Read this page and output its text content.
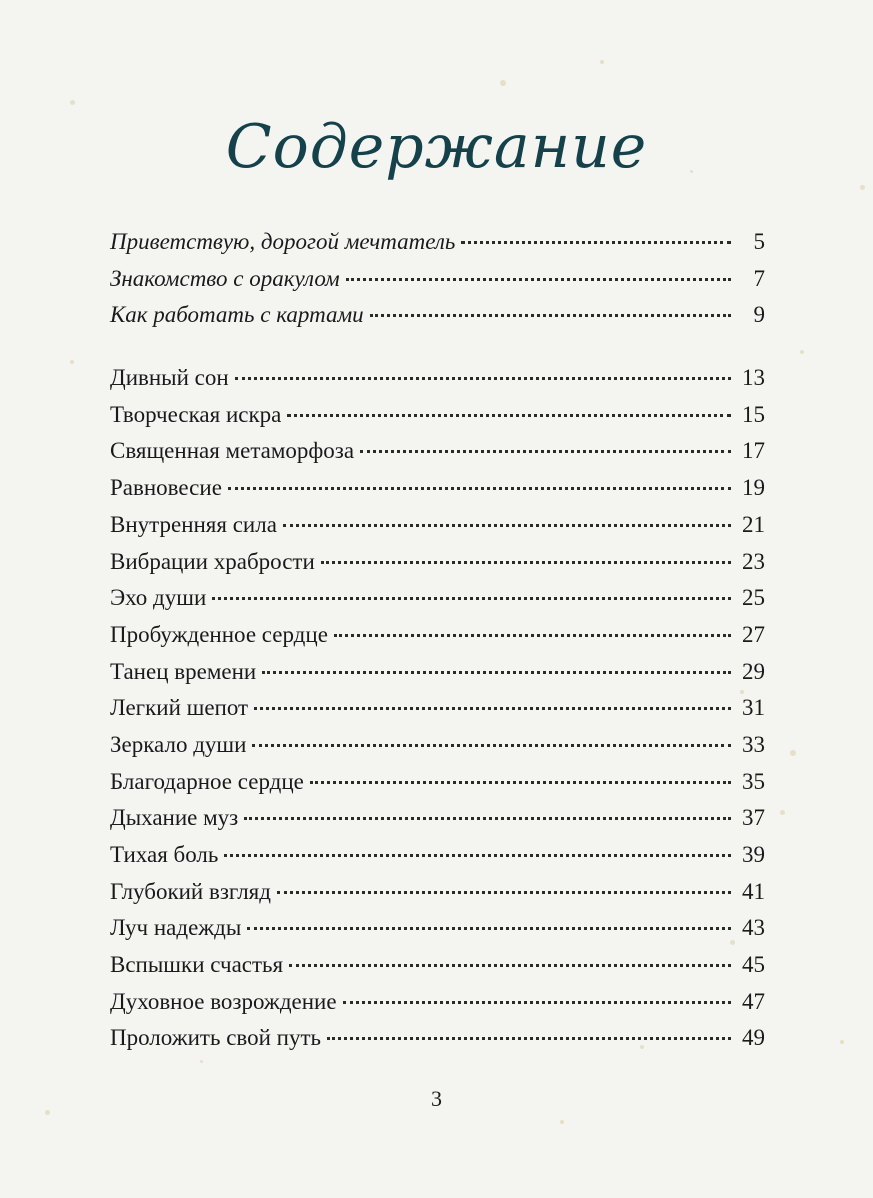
Содержание
Приветствую, дорогой мечтатель	5
Знакомство с оракулом	7
Как работать с картами	9
Дивный сон	13
Творческая искра	15
Священная метаморфоза	17
Равновесие	19
Внутренняя сила	21
Вибрации храбрости	23
Эхо души	25
Пробужденное сердце	27
Танец времени	29
Легкий шепот	31
Зеркало души	33
Благодарное сердце	35
Дыхание муз	37
Тихая боль	39
Глубокий взгляд	41
Луч надежды	43
Вспышки счастья	45
Духовное возрождение	47
Проложить свой путь	49
3
